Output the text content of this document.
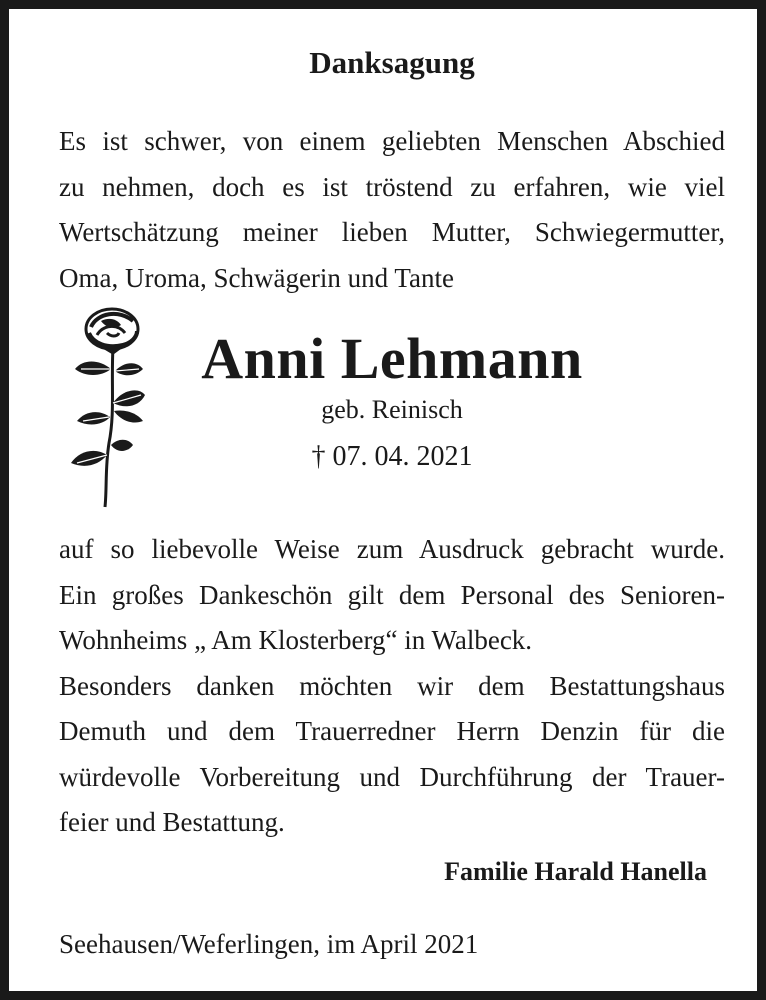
Danksagung
Es ist schwer, von einem geliebten Menschen Abschied
zu nehmen, doch es ist tröstend zu erfahren, wie viel
Wertschätzung meiner lieben Mutter, Schwiegermutter,
Oma, Uroma, Schwägerin und Tante
Anni Lehmann
geb. Reinisch
† 07. 04. 2021
auf so liebevolle Weise zum Ausdruck gebracht wurde.
Ein großes Dankeschön gilt dem Personal des Senioren-
Wohnheims „ Am Klosterberg“ in Walbeck.
Besonders danken möchten wir dem Bestattungshaus
Demuth und dem Trauerredner Herrn Denzin für die
würdevolle Vorbereitung und Durchführung der Trauer-
feier und Bestattung.
Familie Harald Hanella
Seehausen/Weferlingen, im April 2021
